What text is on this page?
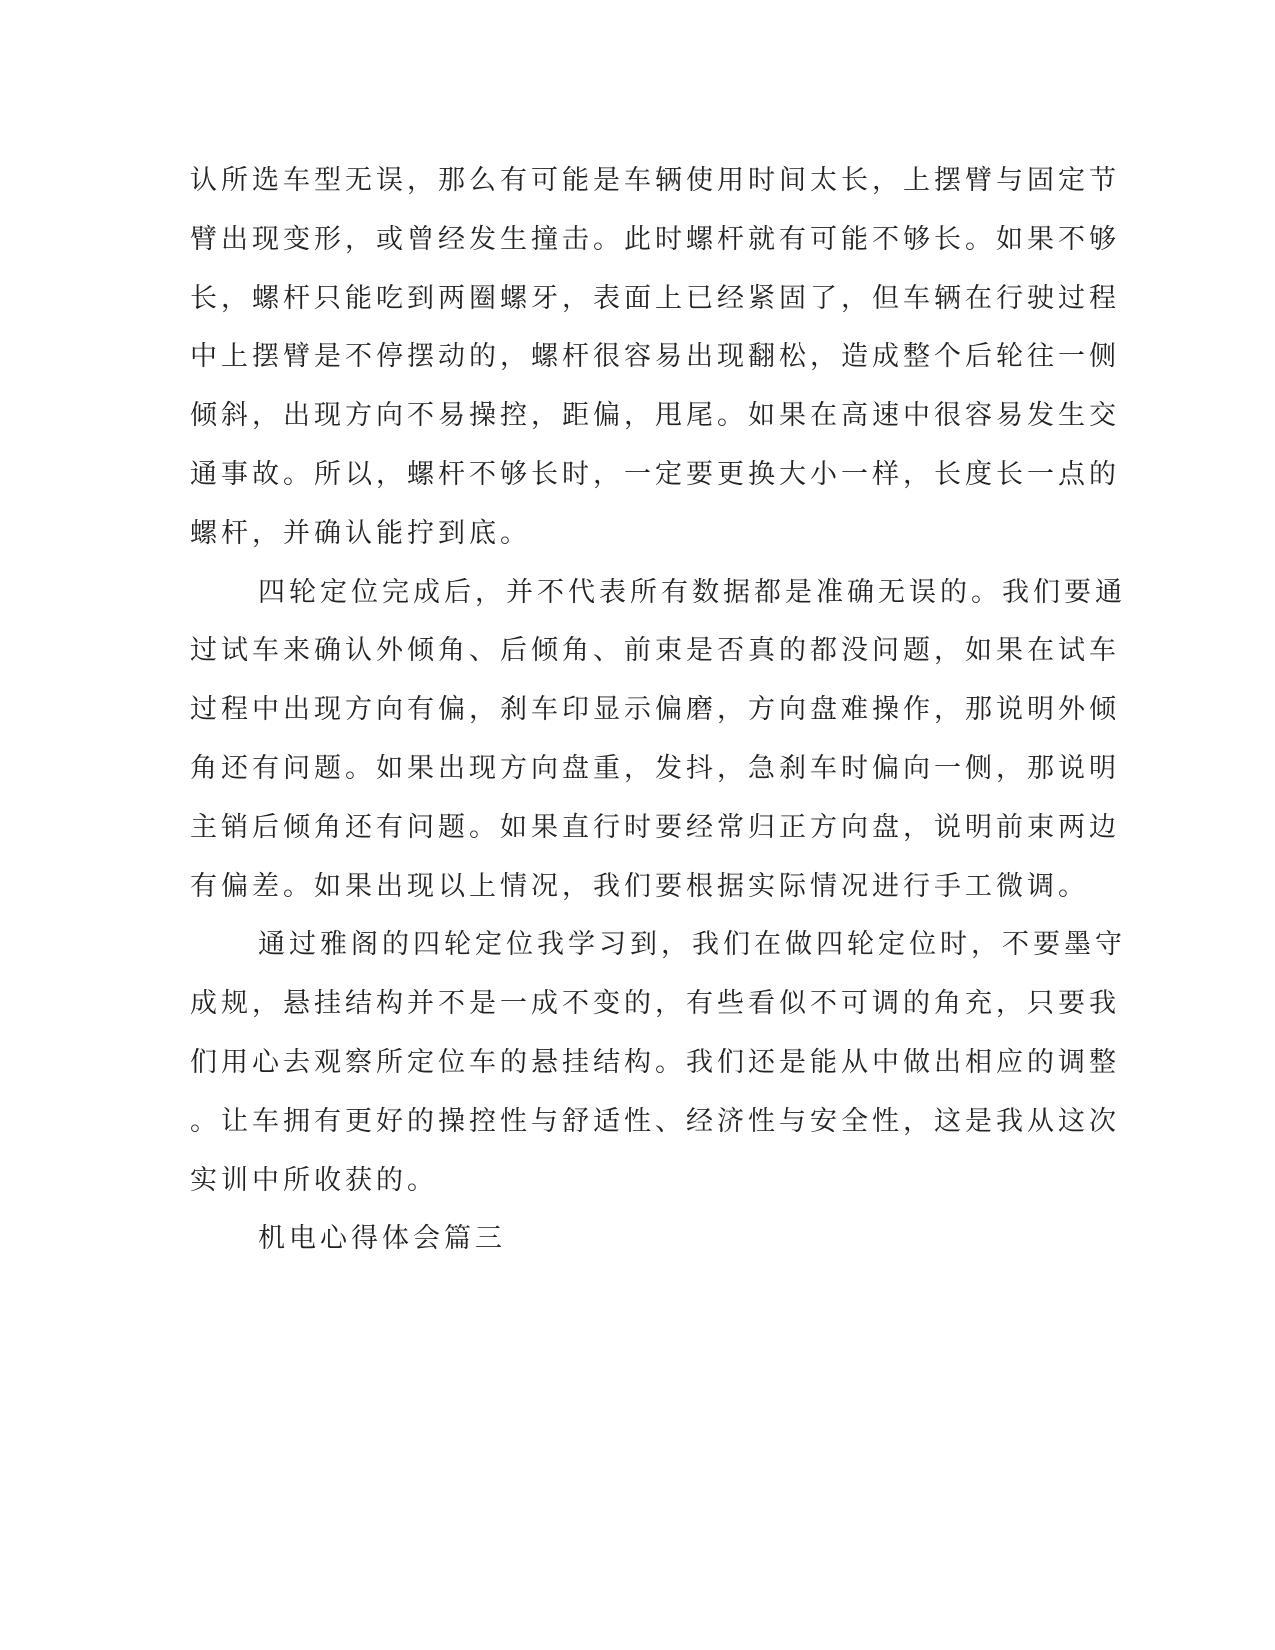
认所选车型无误，那么有可能是车辆使用时间太长，上摆臂与固定节
臂出现变形，或曾经发生撞击。此时螺杆就有可能不够长。如果不够
长，螺杆只能吃到两圈螺牙，表面上已经紧固了，但车辆在行驶过程
中上摆臂是不停摆动的，螺杆很容易出现翻松，造成整个后轮往一侧
倾斜，出现方向不易操控，距偏，甩尾。如果在高速中很容易发生交
通事故。所以，螺杆不够长时，一定要更换大小一样，长度长一点的
螺杆，并确认能拧到底。
四轮定位完成后，并不代表所有数据都是准确无误的。我们要通
过试车来确认外倾角、后倾角、前束是否真的都没问题，如果在试车
过程中出现方向有偏，刹车印显示偏磨，方向盘难操作，那说明外倾
角还有问题。如果出现方向盘重，发抖，急刹车时偏向一侧，那说明
主销后倾角还有问题。如果直行时要经常归正方向盘，说明前束两边
有偏差。如果出现以上情况，我们要根据实际情况进行手工微调。
通过雅阁的四轮定位我学习到，我们在做四轮定位时，不要墨守
成规，悬挂结构并不是一成不变的，有些看似不可调的角充，只要我
们用心去观察所定位车的悬挂结构。我们还是能从中做出相应的调整
。让车拥有更好的操控性与舒适性、经济性与安全性，这是我从这次
实训中所收获的。
机电心得体会篇三
